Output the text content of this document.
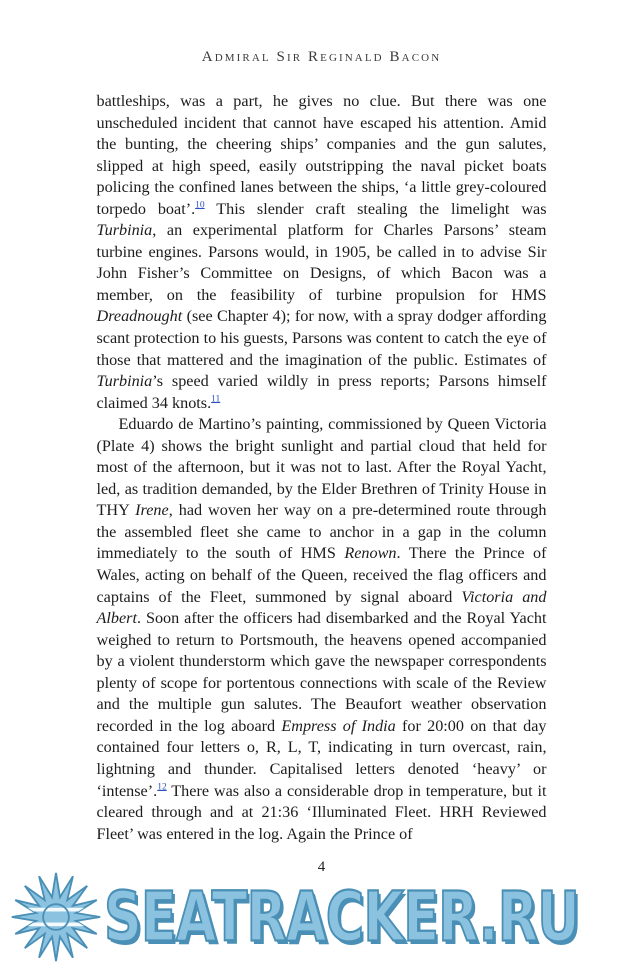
Admiral Sir Reginald Bacon

battleships, was a part, he gives no clue. But there was one unscheduled incident that cannot have escaped his attention. Amid the bunting, the cheering ships’ companies and the gun salutes, slipped at high speed, easily outstripping the naval picket boats policing the confined lanes between the ships, ‘a little grey-coloured torpedo boat’.$^{10}$ This slender craft stealing the limelight was Turbinia, an experimental platform for Charles Parsons’ steam turbine engines. Parsons would, in 1905, be called in to advise Sir John Fisher’s Committee on Designs, of which Bacon was a member, on the feasibility of turbine propulsion for HMS Dreadnought (see Chapter 4); for now, with a spray dodger affording scant protection to his guests, Parsons was content to catch the eye of those that mattered and the imagination of the public. Estimates of Turbinia’s speed varied wildly in press reports; Parsons himself claimed 34 knots.$^{11}$

Eduardo de Martino’s painting, commissioned by Queen Victoria (Plate 4) shows the bright sunlight and partial cloud that held for most of the afternoon, but it was not to last. After the Royal Yacht, led, as tradition demanded, by the Elder Brethren of Trinity House in THY Irene, had woven her way on a pre-determined route through the assembled fleet she came to anchor in a gap in the column immediately to the south of HMS Renown. There the Prince of Wales, acting on behalf of the Queen, received the flag officers and captains of the Fleet, summoned by signal aboard Victoria and Albert. Soon after the officers had disembarked and the Royal Yacht weighed to return to Portsmouth, the heavens opened accompanied by a violent thunderstorm which gave the newspaper correspondents plenty of scope for portentous connections with scale of the Review and the multiple gun salutes. The Beaufort weather observation recorded in the log aboard Empress of India for 20:00 on that day contained four letters o, R, L, T, indicating in turn overcast, rain, lightning and thunder. Capitalised letters denoted ‘heavy’ or ‘intense’.$^{12}$ There was also a considerable drop in temperature, but it cleared through and at 21:36 ‘Illuminated Fleet. HRH Reviewed Fleet’ was entered in the log. Again the Prince of

4
SEATRACKER.RU
